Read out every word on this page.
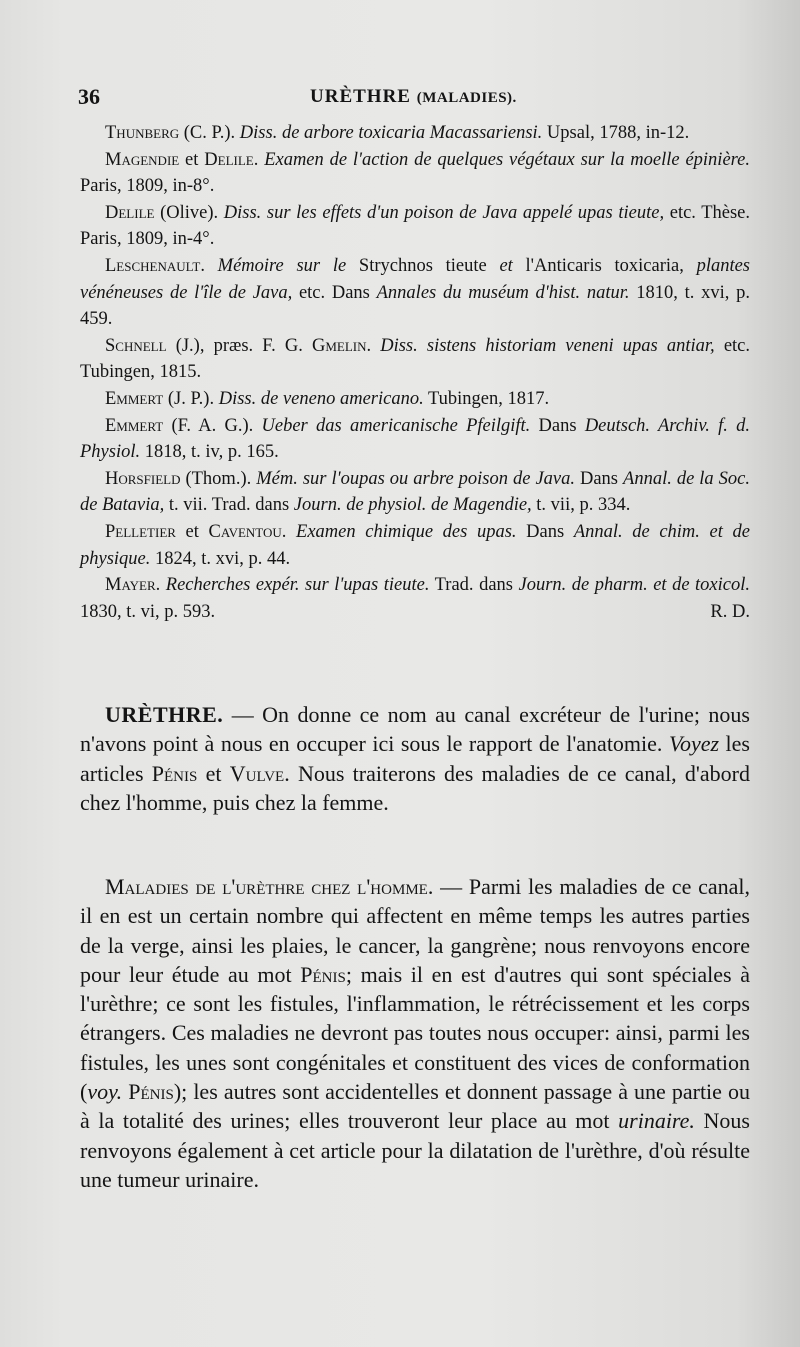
36	URÈTHRE (MALADIES).

Thunberg (C. P.). Diss. de arbore toxicaria Macassariensi. Upsal, 1788, in-12.

Magendie et Delile. Examen de l'action de quelques végétaux sur la moelle épinière. Paris, 1809, in-8°.

Delile (Olive). Diss. sur les effets d'un poison de Java appelé upas tieute, etc. Thèse. Paris, 1809, in-4°.

Leschenault. Mémoire sur le Strychnos tieute et l'Anticaris toxicaria, plantes vénéneuses de l'île de Java, etc. Dans Annales du muséum d'hist. natur. 1810, t. xvi, p. 459.

Schnell (J.), præs. F. G. Gmelin. Diss. sistens historiam veneni upas antiar, etc. Tubingen, 1815.

Emmert (J. P.). Diss. de veneno americano. Tubingen, 1817.

Emmert (F. A. G.). Ueber das americanische Pfeilgift. Dans Deutsch. Archiv. f. d. Physiol. 1818, t. iv, p. 165.

Horsfield (Thom.). Mém. sur l'oupas ou arbre poison de Java. Dans Annal. de la Soc. de Batavia, t. vii. Trad. dans Journ. de physiol. de Magendie, t. vii, p. 334.

Pelletier et Caventou. Examen chimique des upas. Dans Annal. de chim. et de physique. 1824, t. xvi, p. 44.

Mayer. Recherches expér. sur l'upas tieute. Trad. dans Journ. de pharm. et de toxicol. 1830, t. vi, p. 593.	R. D.

URÈTHRE. — On donne ce nom au canal excréteur de l'urine; nous n'avons point à nous en occuper ici sous le rapport de l'anatomie. Voyez les articles Pénis et Vulve. Nous traiterons des maladies de ce canal, d'abord chez l'homme, puis chez la femme.

Maladies de l'urèthre chez l'homme. — Parmi les maladies de ce canal, il en est un certain nombre qui affectent en même temps les autres parties de la verge, ainsi les plaies, le cancer, la gangrène; nous renvoyons encore pour leur étude au mot Pénis; mais il en est d'autres qui sont spéciales à l'urèthre; ce sont les fistules, l'inflammation, le rétrécissement et les corps étrangers. Ces maladies ne devront pas toutes nous occuper: ainsi, parmi les fistules, les unes sont congénitales et constituent des vices de conformation (voy. Pénis); les autres sont accidentelles et donnent passage à une partie ou à la totalité des urines; elles trouveront leur place au mot urinaire. Nous renvoyons également à cet article pour la dilatation de l'urèthre, d'où résulte une tumeur urinaire.
